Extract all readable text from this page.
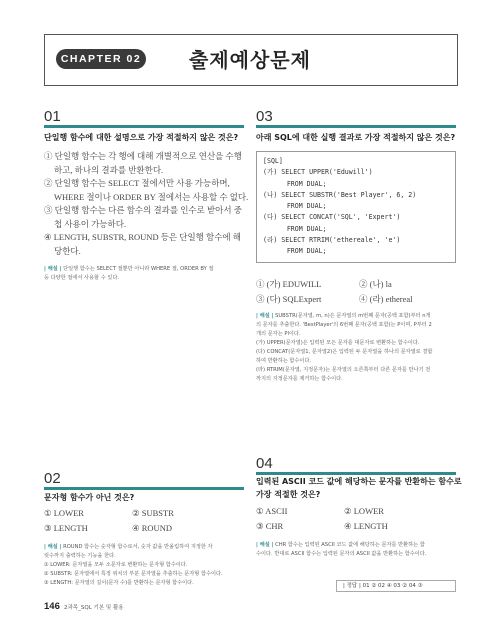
CHAPTER 02	출제예상문제
01
단일행 함수에 대한 설명으로 가장 적절하지 않은 것은?
① 단일행 함수는 각 행에 대해 개별적으로 연산을 수행
하고, 하나의 결과를 반환한다.
② 단일행 함수는 SELECT 절에서만 사용 가능하며,
WHERE 절이나 ORDER BY 절에서는 사용할 수 없다.
③ 단일행 함수는 다른 함수의 결과를 인수로 받아서 중
첩 사용이 가능하다.
④ LENGTH, SUBSTR, ROUND 등은 단일행 함수에 해
당한다.
| 해설 | 단일행 함수는 SELECT 절뿐만 아니라 WHERE 절, ORDER BY 절
등 다양한 절에서 사용할 수 있다.
03
아래 SQL에 대한 실행 결과로 가장 적절하지 않은 것은?
[SQL]
(가) SELECT UPPER('Eduwill')
FROM DUAL;
(나) SELECT SUBSTR('Best Player', 6, 2)
FROM DUAL;
(다) SELECT CONCAT('SQL', 'Expert')
FROM DUAL;
(라) SELECT RTRIM('ethereale', 'e')
FROM DUAL;
① (가) EDUWILL	② (나) la
③ (다) SQLExpert	④ (라) ethereal
| 해설 | SUBSTR(문자열, m, n)은 문자열의 m번째 문자(공백 포함)부터 n개
의 문자를 추출한다. 'BestPlayer'의 6번째 문자(공백 포함)는 P이며, P부터 2
개의 문자는 Pl이다.
(가) UPPER(문자열)은 입력된 모든 문자를 대문자로 변환하는 함수이다.
(다) CONCAT(문자열1, 문자열2)은 입력된 두 문자열을 하나의 문자열로 결합
하여 반환하는 함수이다.
(라) RTRIM(문자열, 지정문자)는 문자열의 오른쪽부터 다른 문자를 만나기 전
까지의 지정문자를 제거하는 함수이다.
02
문자형 함수가 아닌 것은?
① LOWER	② SUBSTR
③ LENGTH	④ ROUND
| 해설 | ROUND 함수는 숫자형 함수로서, 숫자 값을 반올림하여 지정한 자
릿수까지 출력하는 기능을 한다.
① LOWER: 문자열을 모두 소문자로 변환하는 문자형 함수이다.
② SUBSTR: 문자열에서 특정 위치의 부분 문자열을 추출하는 문자형 함수이다.
③ LENGTH: 문자열의 길이(문자 수)를 반환하는 문자형 함수이다.
04
입력된 ASCII 코드 값에 해당하는 문자를 반환하는 함수로
가장 적절한 것은?
① ASCII	② LOWER
③ CHR	④ LENGTH
| 해설 | CHR 함수는 입력된 ASCII 코드 값에 해당하는 문자를 반환하는 함
수이다. 반대로 ASCII 함수는 입력된 문자의 ASCII 값을 반환하는 함수이다.
| 정답 | 01 ② 02 ④ 03 ② 04 ③
146 2과목_SQL 기본 및 활용
